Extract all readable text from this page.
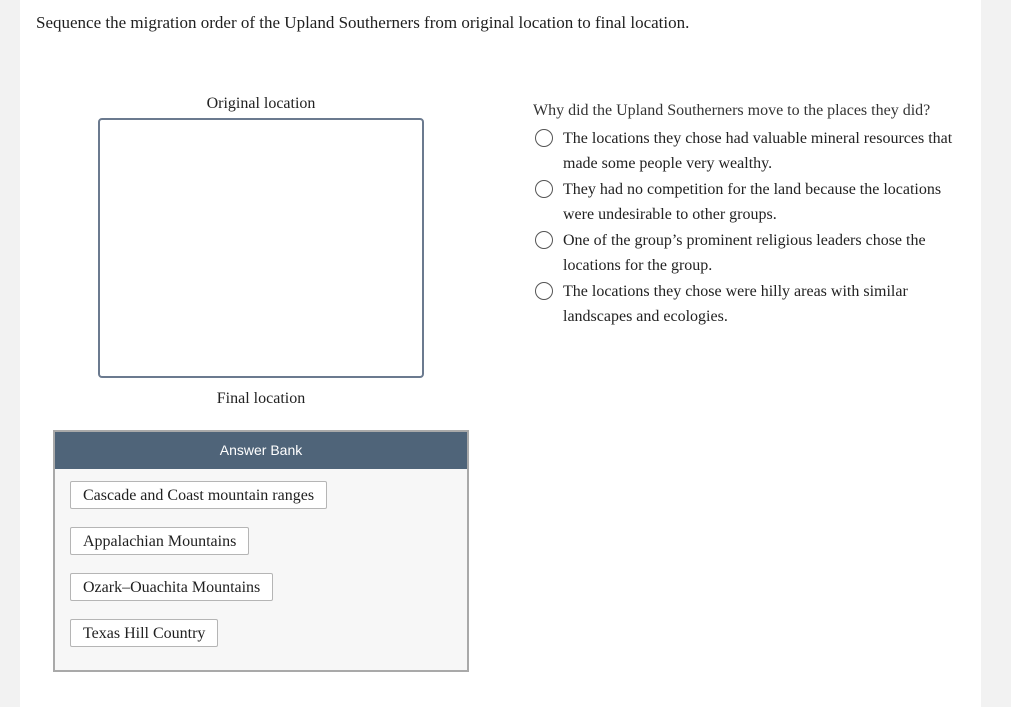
Sequence the migration order of the Upland Southerners from original location to final location.
Original location
Final location
Answer Bank
Cascade and Coast mountain ranges
Appalachian Mountains
Ozark–Ouachita Mountains
Texas Hill Country

Why did the Upland Southerners move to the places they did?

The locations they chose had valuable mineral resources that made some people very wealthy.
They had no competition for the land because the locations were undesirable to other groups.
One of the group’s prominent religious leaders chose the locations for the group.
The locations they chose were hilly areas with similar landscapes and ecologies.
